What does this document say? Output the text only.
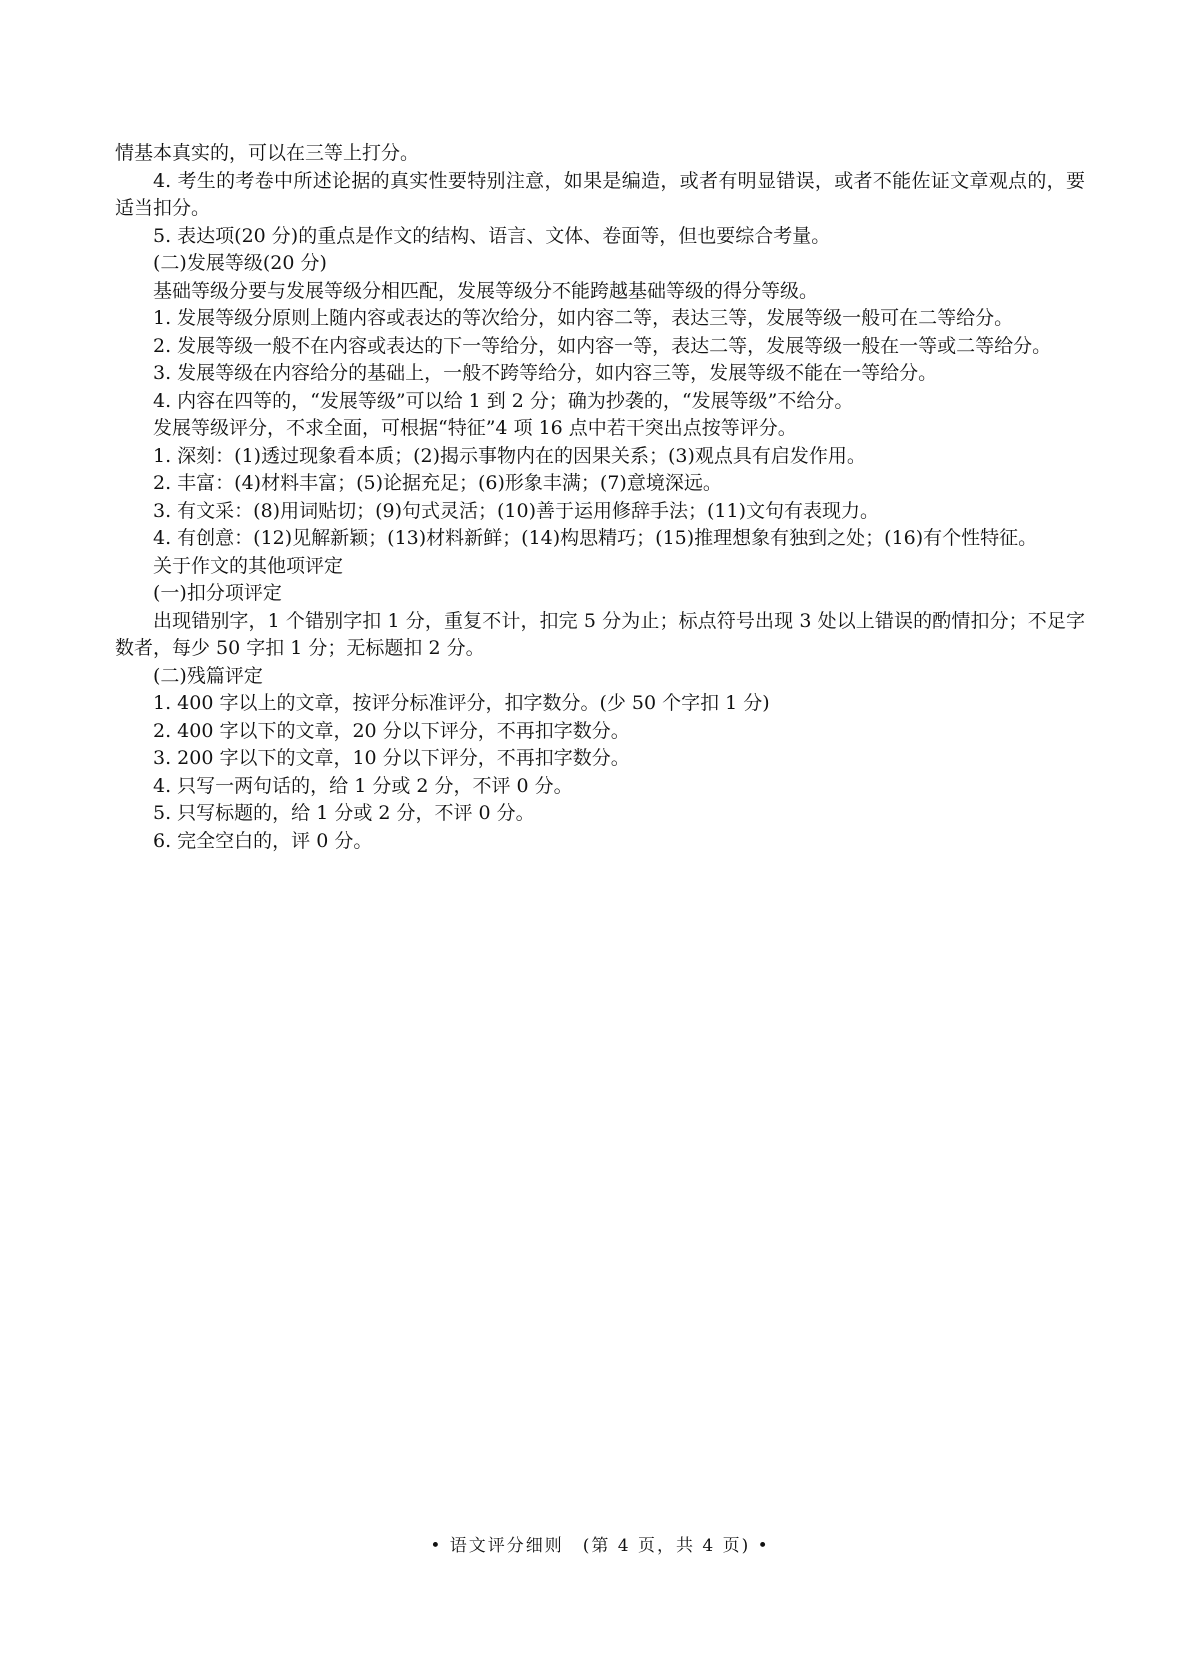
情基本真实的，可以在三等上打分。

4. 考生的考卷中所述论据的真实性要特别注意，如果是编造，或者有明显错误，或者不能佐证文章观点的，要适当扣分。

5. 表达项(20 分)的重点是作文的结构、语言、文体、卷面等，但也要综合考量。

(二)发展等级(20 分)

基础等级分要与发展等级分相匹配，发展等级分不能跨越基础等级的得分等级。

1. 发展等级分原则上随内容或表达的等次给分，如内容二等，表达三等，发展等级一般可在二等给分。

2. 发展等级一般不在内容或表达的下一等给分，如内容一等，表达二等，发展等级一般在一等或二等给分。

3. 发展等级在内容给分的基础上，一般不跨等给分，如内容三等，发展等级不能在一等给分。

4. 内容在四等的，“发展等级”可以给 1 到 2 分；确为抄袭的，“发展等级”不给分。

发展等级评分，不求全面，可根据“特征”4 项 16 点中若干突出点按等评分。

1. 深刻：(1)透过现象看本质；(2)揭示事物内在的因果关系；(3)观点具有启发作用。

2. 丰富：(4)材料丰富；(5)论据充足；(6)形象丰满；(7)意境深远。

3. 有文采：(8)用词贴切；(9)句式灵活；(10)善于运用修辞手法；(11)文句有表现力。

4. 有创意：(12)见解新颖；(13)材料新鲜；(14)构思精巧；(15)推理想象有独到之处；(16)有个性特征。

关于作文的其他项评定

(一)扣分项评定

出现错别字，1 个错别字扣 1 分，重复不计，扣完 5 分为止；标点符号出现 3 处以上错误的酌情扣分；不足字数者，每少 50 字扣 1 分；无标题扣 2 分。

(二)残篇评定

1. 400 字以上的文章，按评分标准评分，扣字数分。(少 50 个字扣 1 分)

2. 400 字以下的文章，20 分以下评分，不再扣字数分。

3. 200 字以下的文章，10 分以下评分，不再扣字数分。

4. 只写一两句话的，给 1 分或 2 分，不评 0 分。

5. 只写标题的，给 1 分或 2 分，不评 0 分。

6. 完全空白的，评 0 分。

• 语文评分细则　(第 4 页，共 4 页) •
